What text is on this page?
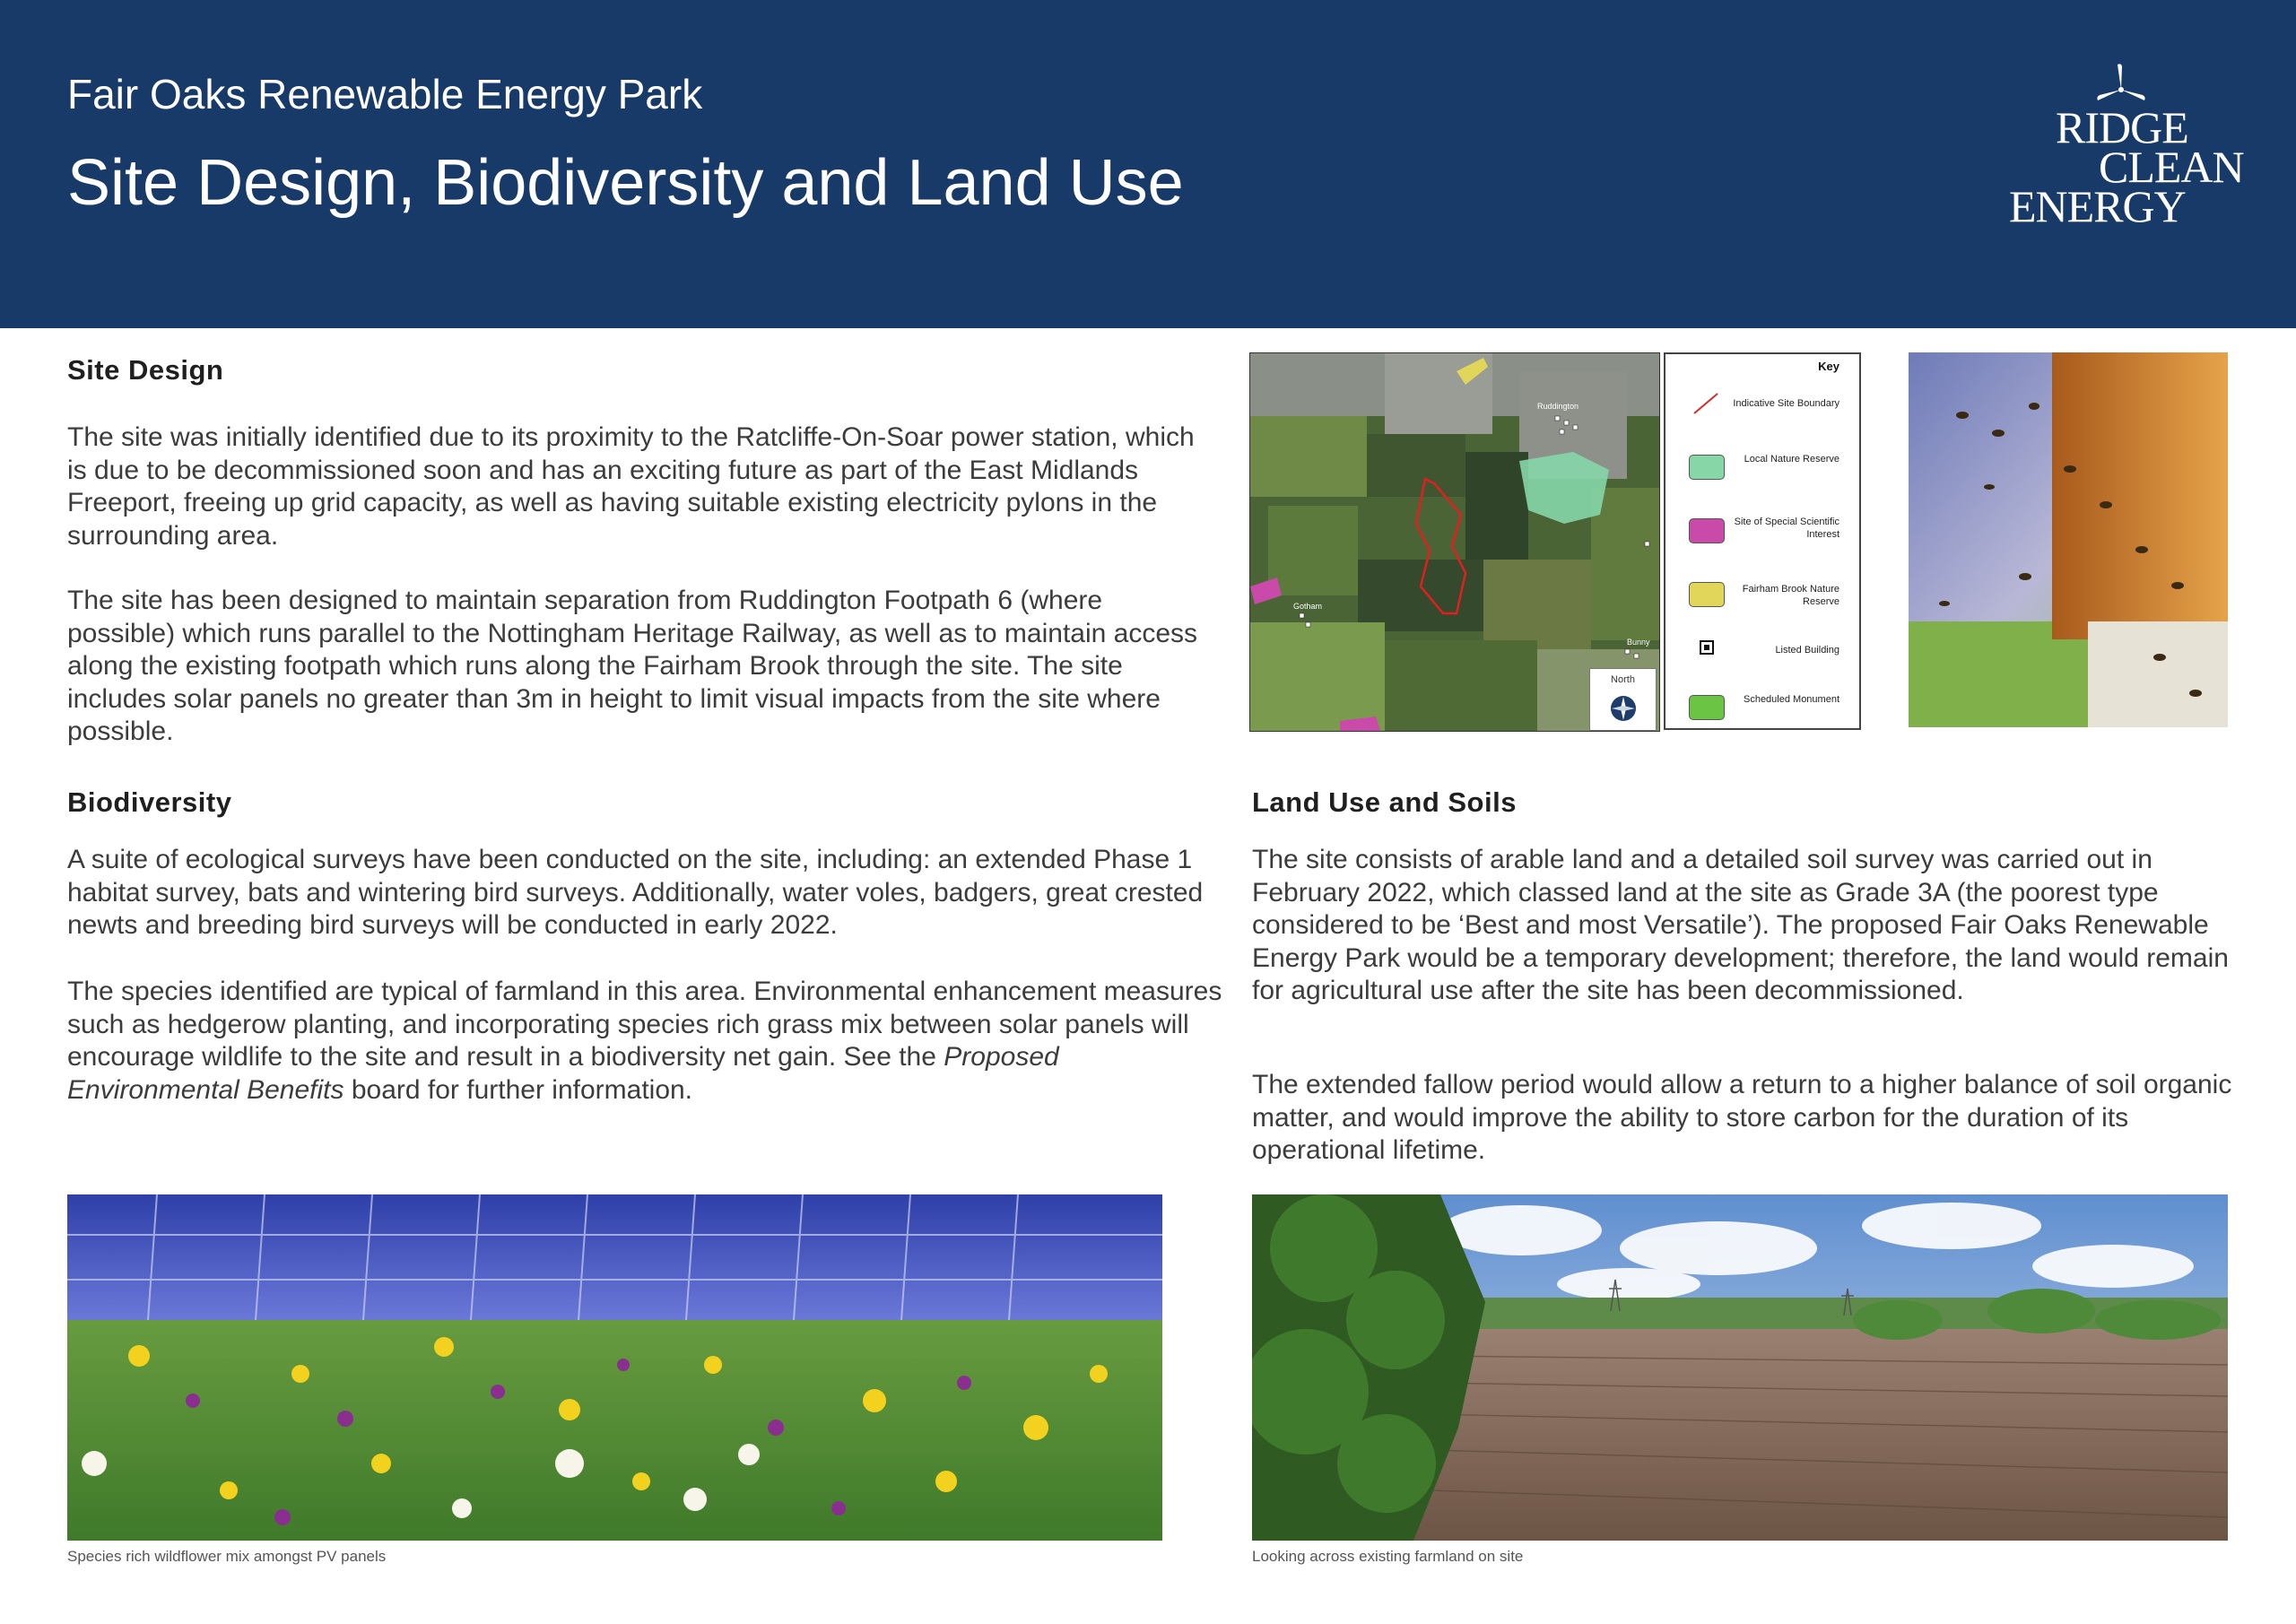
Fair Oaks Renewable Energy Park
Site Design, Biodiversity and Land Use
RIDGE
CLEAN
ENERGY
Site Design

The site was initially identified due to its proximity to the Ratcliffe-On-Soar power station, which is due to be decommissioned soon and has an exciting future as part of the East Midlands Freeport, freeing up grid capacity, as well as having suitable existing electricity pylons in the surrounding area.

The site has been designed to maintain separation from Ruddington Footpath 6 (where possible) which runs parallel to the Nottingham Heritage Railway, as well as to maintain access along the existing footpath which runs along the Fairham Brook through the site. The site includes solar panels no greater than 3m in height to limit visual impacts from the site where possible.

Ruddington
Gotham
Bunny
North
Key
Indicative Site Boundary
Local Nature Reserve
Site of Special Scientific Interest
Fairham Brook Nature Reserve
Listed Building
Scheduled Monument
Biodiversity

A suite of ecological surveys have been conducted on the site, including: an extended Phase 1 habitat survey, bats and wintering bird surveys. Additionally, water voles, badgers, great crested newts and breeding bird surveys will be conducted in early 2022.

The species identified are typical of farmland in this area. Environmental enhancement measures such as hedgerow planting, and incorporating species rich grass mix between solar panels will encourage wildlife to the site and result in a biodiversity net gain. See the Proposed Environmental Benefits board for further information.

Land Use and Soils

The site consists of arable land and a detailed soil survey was carried out in February 2022, which classed land at the site as Grade 3A (the poorest type considered to be ‘Best and most Versatile’). The proposed Fair Oaks Renewable Energy Park would be a temporary development; therefore, the land would remain for agricultural use after the site has been decommissioned.

The extended fallow period would allow a return to a higher balance of soil organic matter, and would improve the ability to store carbon for the duration of its operational lifetime.

Species rich wildflower mix amongst PV panels	Looking across existing farmland on site
